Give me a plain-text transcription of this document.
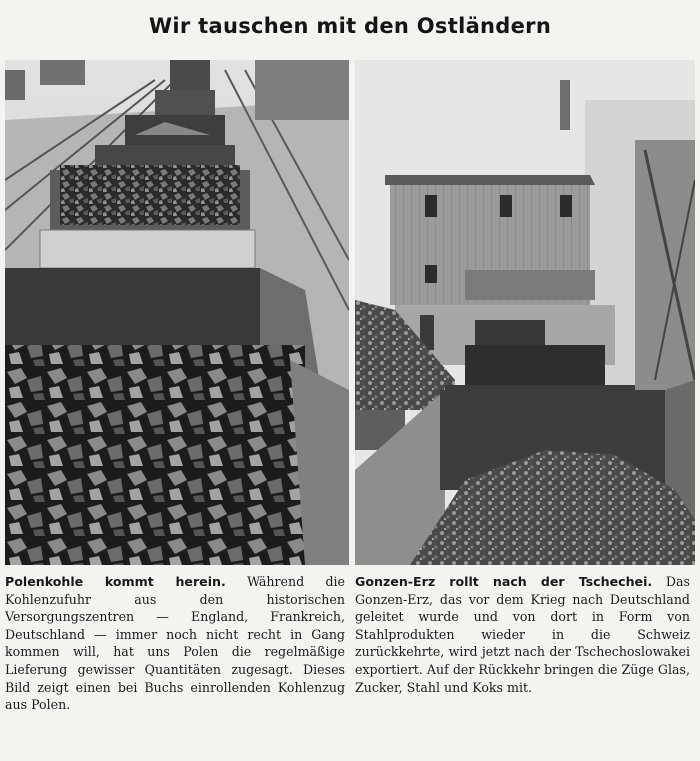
Wir tauschen mit den Ostländern
Polenkohle kommt herein. Während die Kohlenzufuhr aus den historischen Versorgungszentren — England, Frankreich, Deutschland — immer noch nicht recht in Gang kommen will, hat uns Polen die regelmäßige Lieferung gewisser Quantitäten zugesagt. Dieses Bild zeigt einen bei Buchs einrollenden Kohlenzug aus Polen.
Gonzen-Erz rollt nach der Tschechei. Das Gonzen-Erz, das vor dem Krieg nach Deutschland geleitet wurde und von dort in Form von Stahlprodukten wieder in die Schweiz zurückkehrte, wird jetzt nach der Tschechoslowakei exportiert. Auf der Rückkehr bringen die Züge Glas, Zucker, Stahl und Koks mit.
